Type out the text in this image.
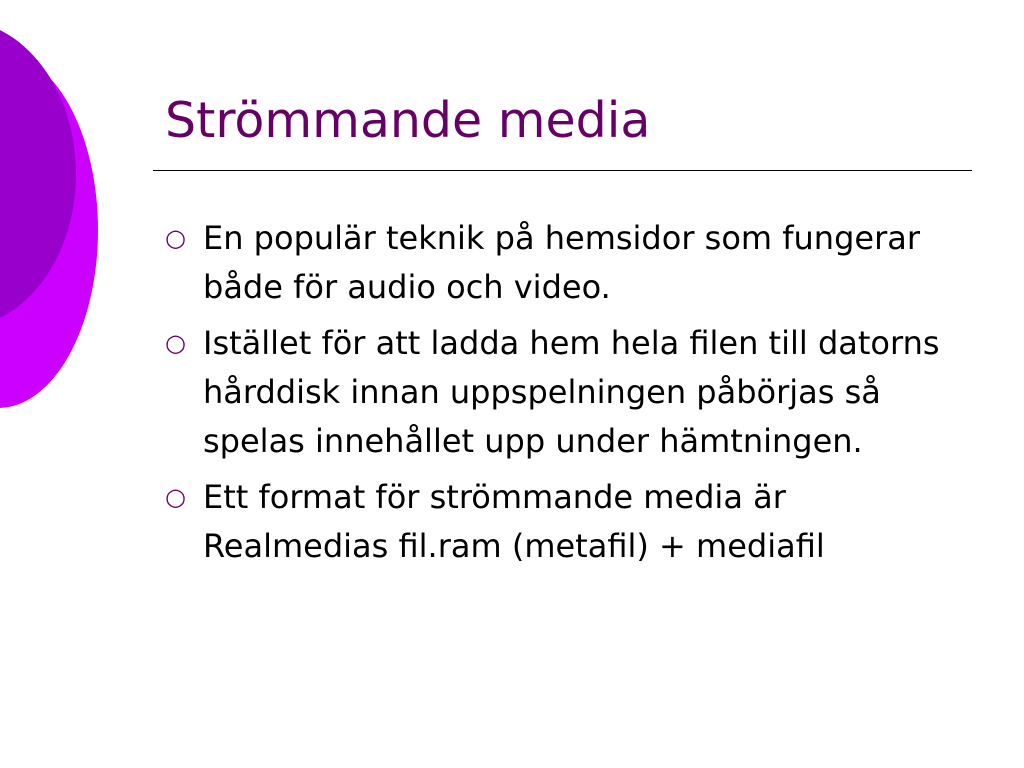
Strömmande media
○ En populär teknik på hemsidor som fungerar både för audio och video.
○ Istället för att ladda hem hela filen till datorns hårddisk innan uppspelningen påbörjas så spelas innehållet upp under hämtningen.
○ Ett format för strömmande media är Realmedias fil.ram (metafil) + mediafil
